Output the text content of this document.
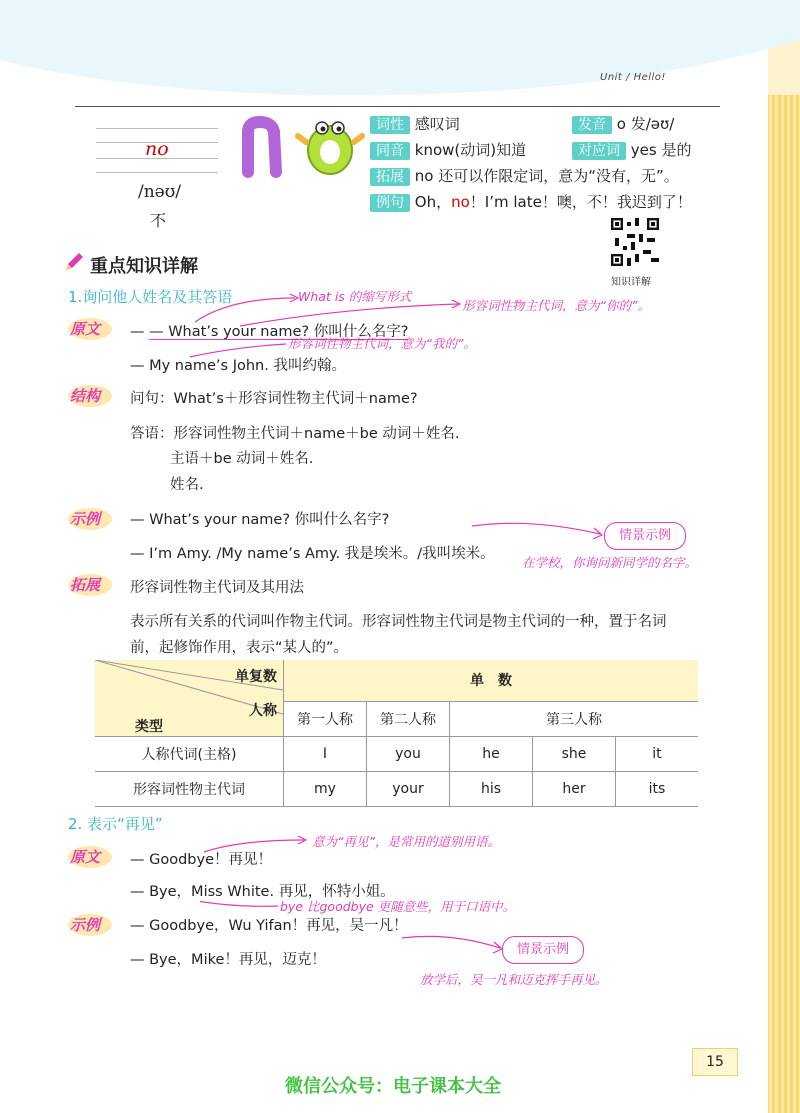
Unit / Hello!
no
/nəʊ/
不
词性 感叹词
同音 know(动词)知道
拓展 no 还可以作限定词，意为“没有，无”。
例句 Oh，no！I’m late！噢，不！我迟到了！
发音 o 发/əʊ/
对应词 yes 是的
知识详解
重点知识详解
1.询问他人姓名及其答语
原文 — — What’s your name? 你叫什么名字?
— My name’s John. 我叫约翰。
What is 的缩写形式
形容词性物主代词，意为“你的”。
形容词性物主代词，意为“我的”。
结构 问句：What’s＋形容词性物主代词＋name?
答语：形容词性物主代词＋name＋be 动词＋姓名.
主语＋be 动词＋姓名.
姓名.
示例 — What’s your name? 你叫什么名字?
— I’m Amy. /My name’s Amy. 我是埃米。/我叫埃米。
情景示例
在学校，你询问新同学的名字。
拓展 形容词性物主代词及其用法
表示所有关系的代词叫作物主代词。形容词性物主代词是物主代词的一种，置于名词
前，起修饰作用，表示“某人的”。
单复数
人称
类型	单　数				
	第一人称	第二人称	第三人称		
人称代词(主格)	I	you	he	she	it
形容词性物主代词	my	your	his	her	its
2. 表示“再见”
原文 — Goodbye！再见！
— Bye，Miss White. 再见，怀特小姐。
意为“再见”，是常用的道别用语。
bye 比goodbye 更随意些，用于口语中。
示例 — Goodbye，Wu Yifan！再见，吴一凡！
— Bye，Mike！再见，迈克！
情景示例
放学后，吴一凡和迈克挥手再见。
15
微信公众号：电子课本大全
